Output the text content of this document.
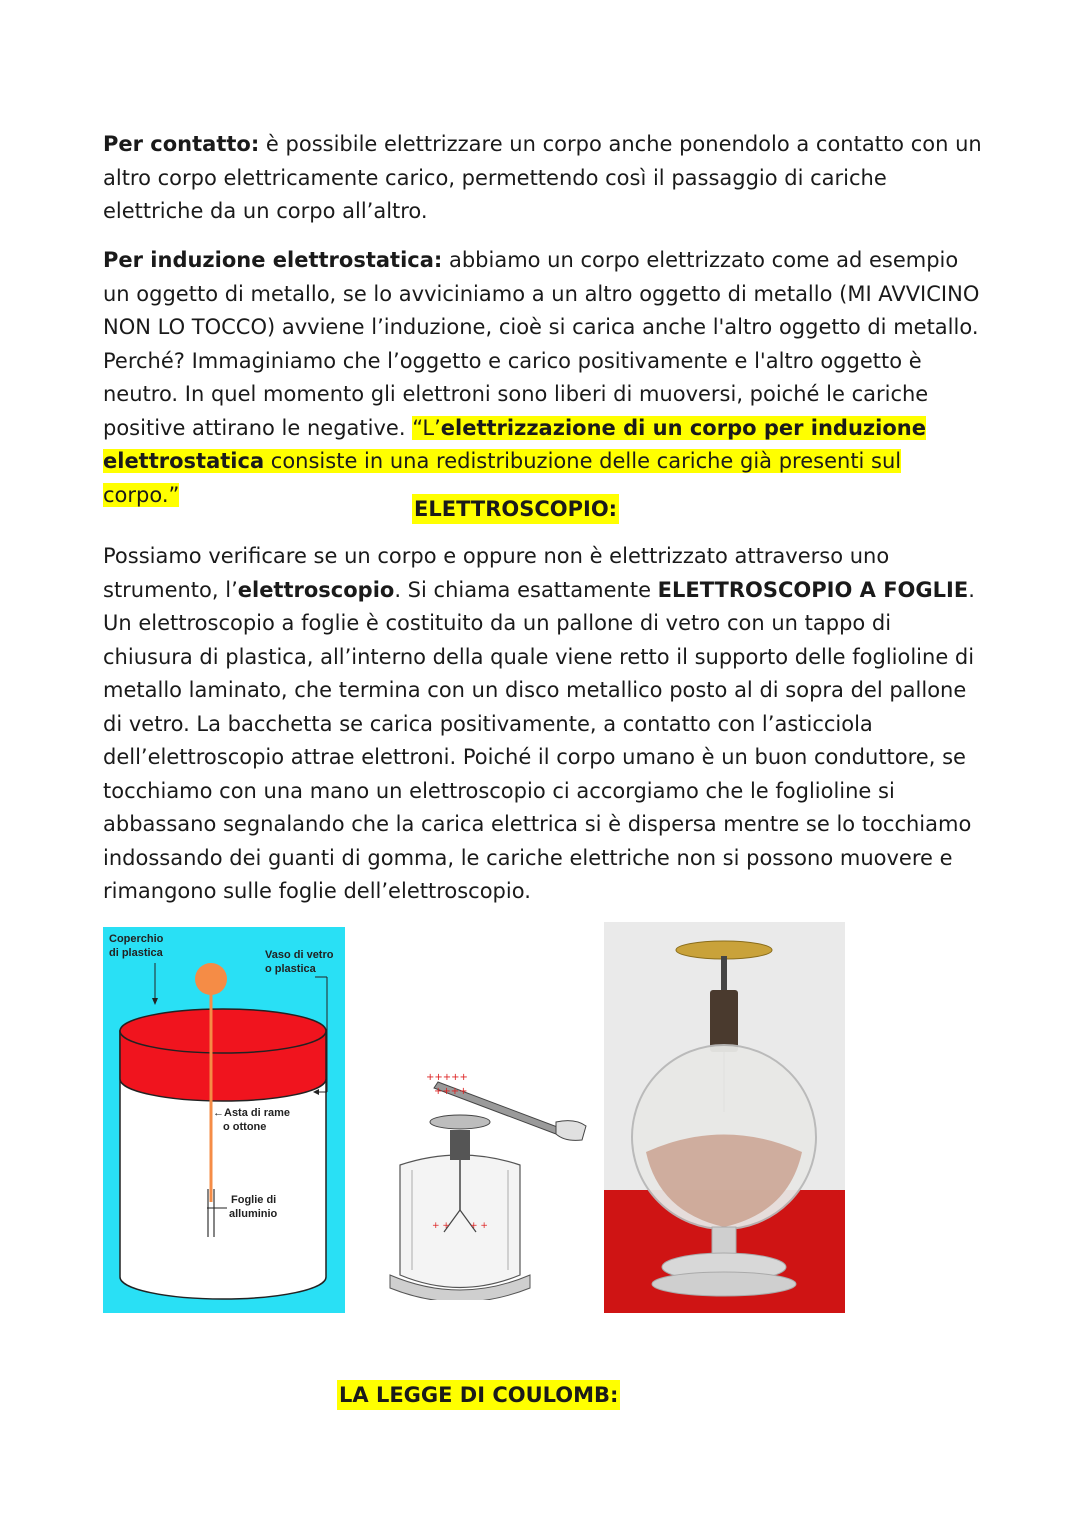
Per contatto: è possibile elettrizzare un corpo anche ponendolo a contatto con un altro corpo elettricamente carico, permettendo così il passaggio di cariche elettriche da un corpo all’altro.

Per induzione elettrostatica: abbiamo un corpo elettrizzato come ad esempio un oggetto di metallo, se lo avviciniamo a un altro oggetto di metallo (MI AVVICINO NON LO TOCCO) avviene l’induzione, cioè si carica anche l'altro oggetto di metallo. Perché? Immaginiamo che l’oggetto e carico positivamente e l'altro oggetto è neutro. In quel momento gli elettroni sono liberi di muoversi, poiché le cariche positive attirano le negative. “L’elettrizzazione di un corpo per induzione elettrostatica consiste in una redistribuzione delle cariche già presenti sul corpo.”

ELETTROSCOPIO:

Possiamo verificare se un corpo e oppure non è elettrizzato attraverso uno strumento, l’elettroscopio. Si chiama esattamente ELETTROSCOPIO A FOGLIE. Un elettroscopio a foglie è costituito da un pallone di vetro con un tappo di chiusura di plastica, all’interno della quale viene retto il supporto delle foglioline di metallo laminato, che termina con un disco metallico posto al di sopra del pallone di vetro. La bacchetta se carica positivamente, a contatto con l’asticciola dell’elettroscopio attrae elettroni. Poiché il corpo umano è un buon conduttore, se tocchiamo con una mano un elettroscopio ci accorgiamo che le foglioline si abbassano segnalando che la carica elettrica si è dispersa mentre se lo tocchiamo indossando dei guanti di gomma, le cariche elettriche non si possono muovere e rimangono sulle foglie dell’elettroscopio.

Coperchio
di plastica	Vaso di vetro
o plastica
←Asta di rame
o ottone
Foglie di
alluminio
+ + + +
+++++
++++
LA LEGGE DI COULOMB:
